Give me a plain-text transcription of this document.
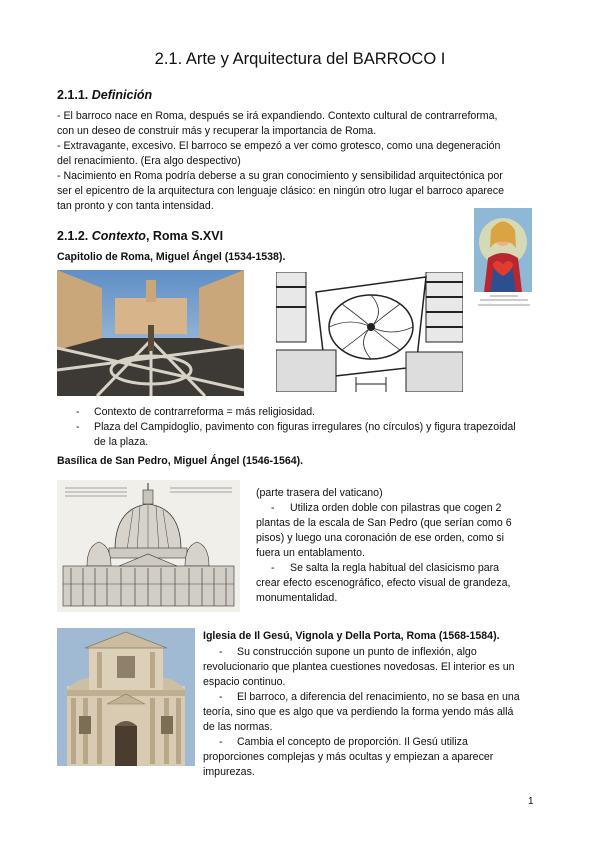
2.1. Arte y Arquitectura del BARROCO I
2.1.1. Definición
- El barroco nace en Roma, después se irá expandiendo. Contexto cultural de contrarreforma,
con un deseo de construir más y recuperar la importancia de Roma.
- Extravagante, excesivo. El barroco se empezó a ver como grotesco, como una degeneración
del renacimiento. (Era algo despectivo)
- Nacimiento en Roma podría deberse a su gran conocimiento y sensibilidad arquitectónica por
ser el epicentro de la arquitectura con lenguaje clásico: en ningún otro lugar el barroco aparece
tan pronto y con tanta intensidad.
2.1.2. Contexto, Roma S.XVI
Capitolio de Roma, Miguel Ángel (1534-1538).
- Contexto de contrarreforma = más religiosidad.
- Plaza del Campidoglio, pavimento con figuras irregulares (no círculos) y figura trapezoidal
de la plaza.
Basílica de San Pedro, Miguel Ángel (1546-1564).
(parte trasera del vaticano)
- Utiliza orden doble con pilastras que cogen 2
plantas de la escala de San Pedro (que serían como 6
pisos) y luego una coronación de ese orden, como si
fuera un entablamento.
- Se salta la regla habitual del clasicismo para
crear efecto escenográfico, efecto visual de grandeza,
monumentalidad.
Iglesia de Il Gesú, Vignola y Della Porta, Roma (1568-1584).
- Su construcción supone un punto de inflexión, algo
revolucionario que plantea cuestiones novedosas. El interior es un
espacio continuo.
- El barroco, a diferencia del renacimiento, no se basa en una
teoría, sino que es algo que va perdiendo la forma yendo más allá
de las normas.
- Cambia el concepto de proporción. Il Gesú utiliza
proporciones complejas y más ocultas y empiezan a aparecer
impurezas.
1
